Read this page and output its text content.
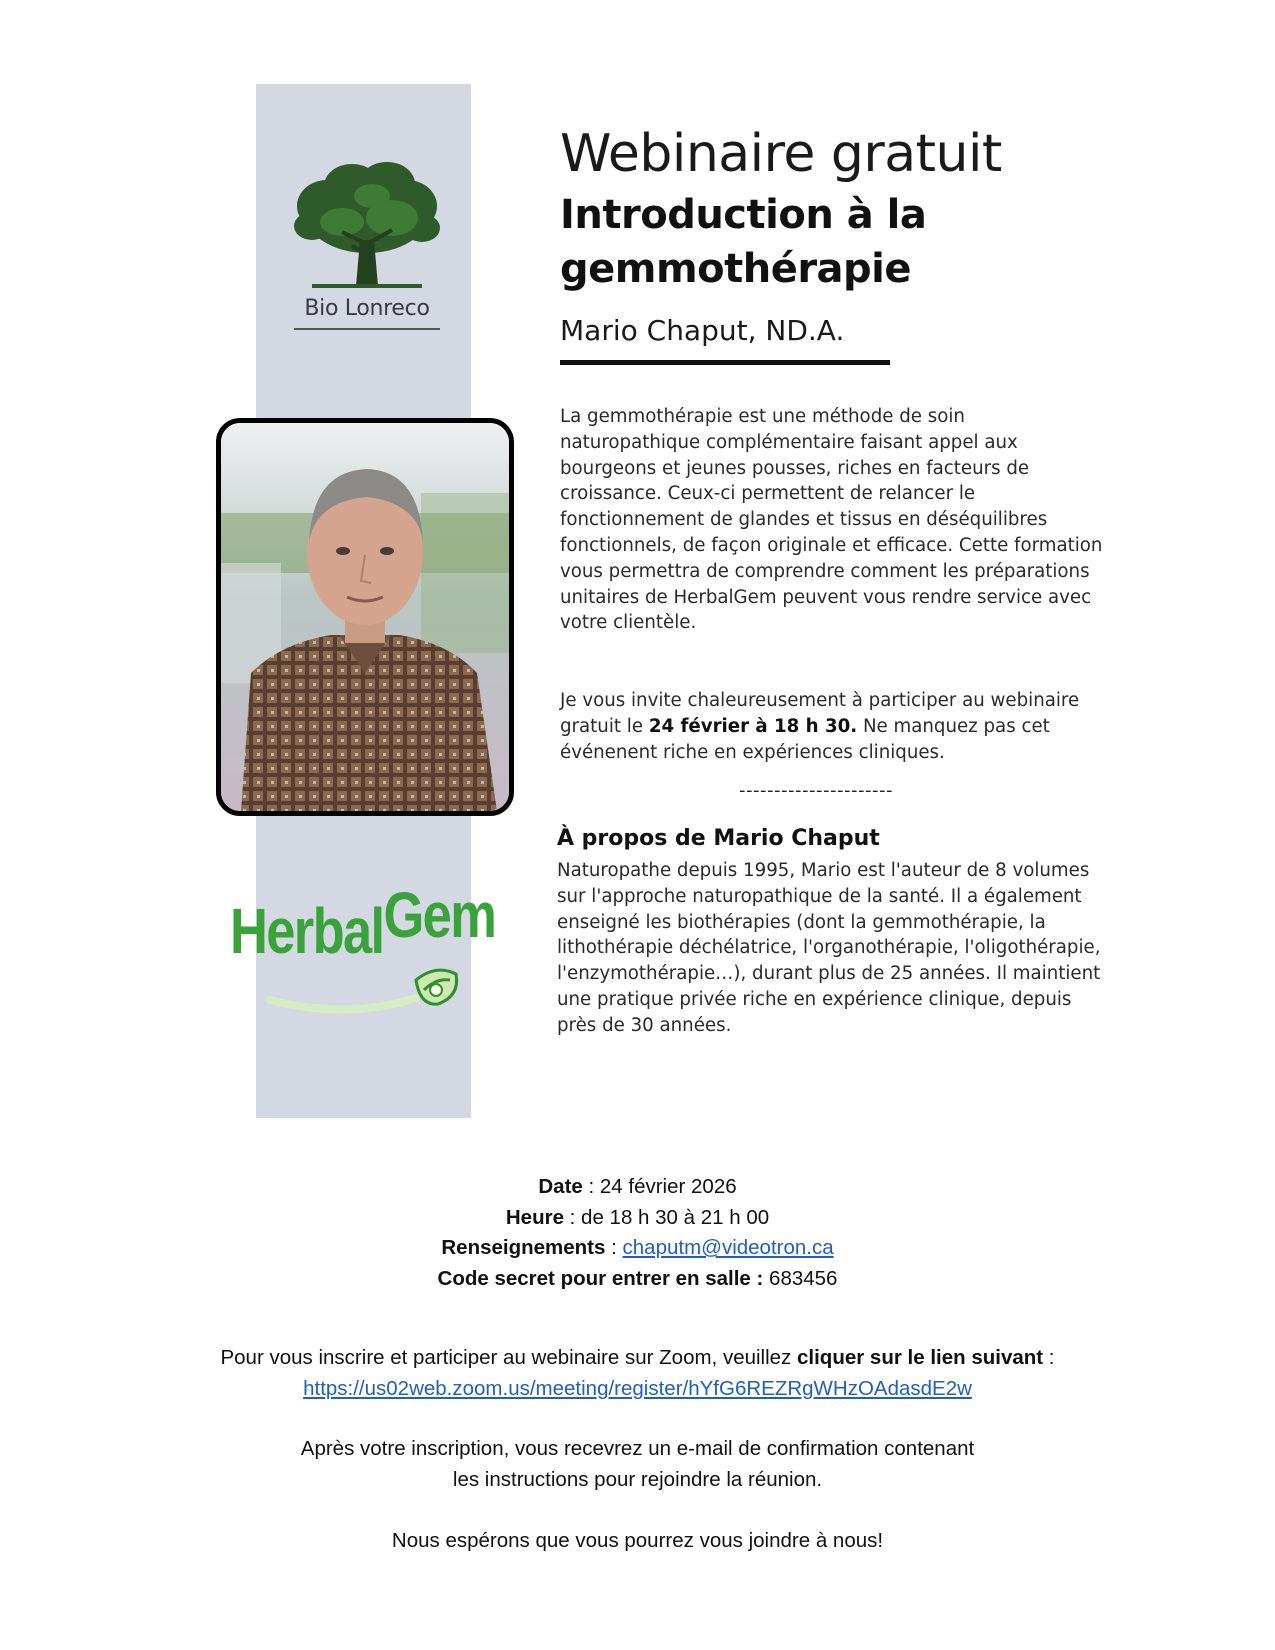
Bio Lonreco
HerbalGem
Webinaire gratuit
Introduction à la gemmothérapie
Mario Chaput, ND.A.

La gemmothérapie est une méthode de soin naturopathique complémentaire faisant appel aux bourgeons et jeunes pousses, riches en facteurs de croissance. Ceux-ci permettent de relancer le fonctionnement de glandes et tissus en déséquilibres fonctionnels, de façon originale et efficace. Cette formation vous permettra de comprendre comment les préparations unitaires de HerbalGem peuvent vous rendre service avec votre clientèle.

Je vous invite chaleureusement à participer au webinaire gratuit le 24 février à 18 h 30. Ne manquez pas cet événenent riche en expériences cliniques.

----------------------
À propos de Mario Chaput

Naturopathe depuis 1995, Mario est l'auteur de 8 volumes sur l'approche naturopathique de la santé. Il a également enseigné les biothérapies (dont la gemmothérapie, la lithothérapie déchélatrice, l'organothérapie, l'oligothérapie, l'enzymothérapie…), durant plus de 25 années. Il maintient une pratique privée riche en expérience clinique, depuis près de 30 années.

Date : 24 février 2026
Heure : de 18 h 30 à 21 h 00
Renseignements : chaputm@videotron.ca
Code secret pour entrer en salle : 683456
Pour vous inscrire et participer au webinaire sur Zoom, veuillez cliquer sur le lien suivant :
https://us02web.zoom.us/meeting/register/hYfG6REZRgWHzOAdasdE2w
Après votre inscription, vous recevrez un e-mail de confirmation contenant
les instructions pour rejoindre la réunion.
Nous espérons que vous pourrez vous joindre à nous!
